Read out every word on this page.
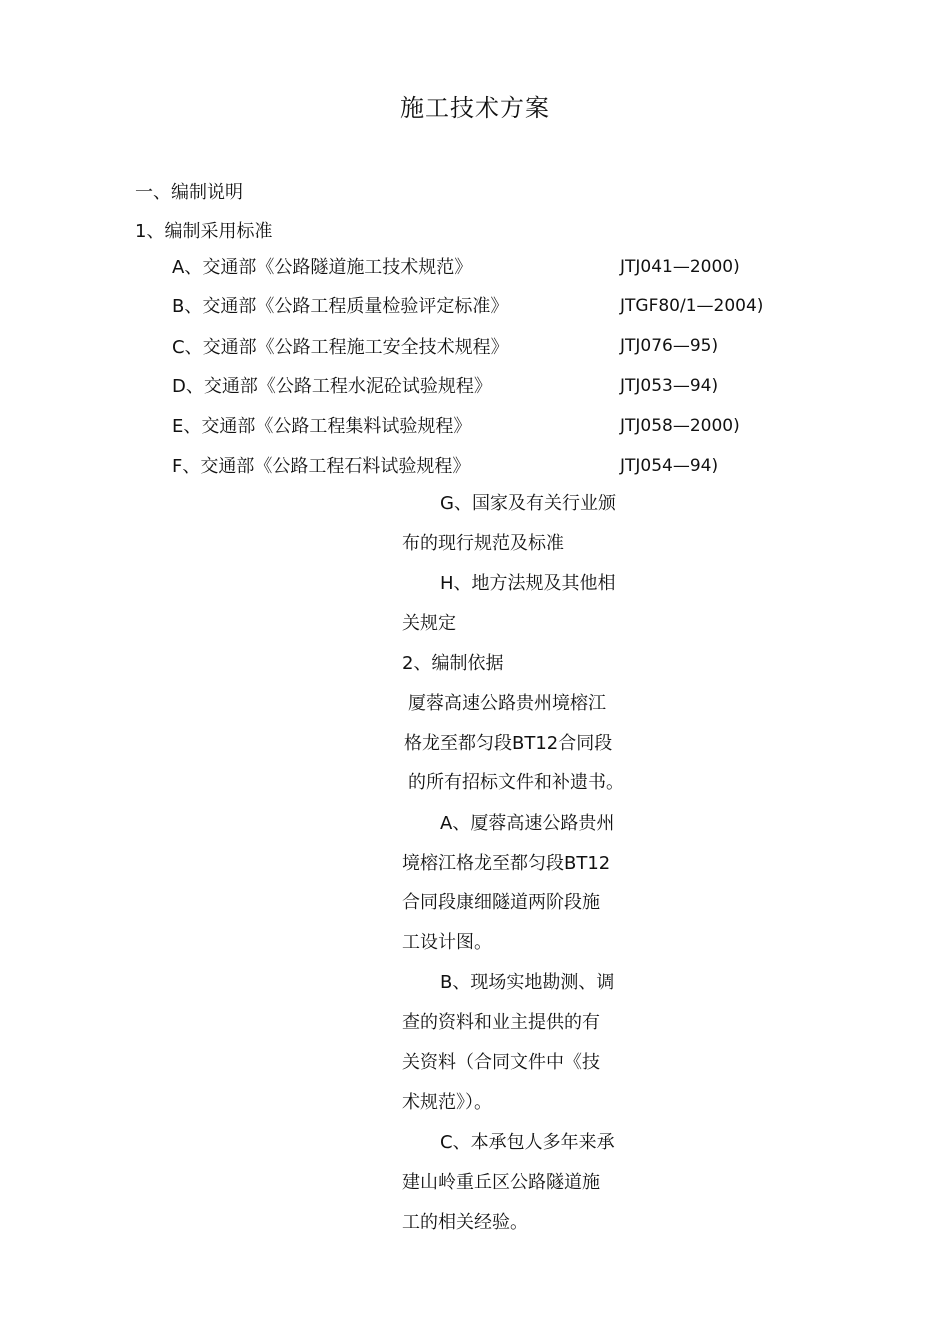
施工技术方案
一、编制说明
1、编制采用标准
A、交通部《公路隧道施工技术规范》	JTJ041—2000)
B、交通部《公路工程质量检验评定标准》	JTGF80/1—2004)
C、交通部《公路工程施工安全技术规程》	JTJ076—95)
D、交通部《公路工程水泥砼试验规程》	JTJ053—94)
E、交通部《公路工程集料试验规程》	JTJ058—2000)
F、交通部《公路工程石料试验规程》	JTJ054—94)
G、国家及有关行业颁
布的现行规范及标准
H、地方法规及其他相
关规定
2、编制依据
厦蓉高速公路贵州境榕江
格龙至都匀段BT12合同段
的所有招标文件和补遗书。
A、厦蓉高速公路贵州
境榕江格龙至都匀段BT12
合同段康细隧道两阶段施
工设计图。
B、现场实地勘测、调
查的资料和业主提供的有
关资料（合同文件中《技
术规范》）。
C、本承包人多年来承
建山岭重丘区公路隧道施
工的相关经验。
